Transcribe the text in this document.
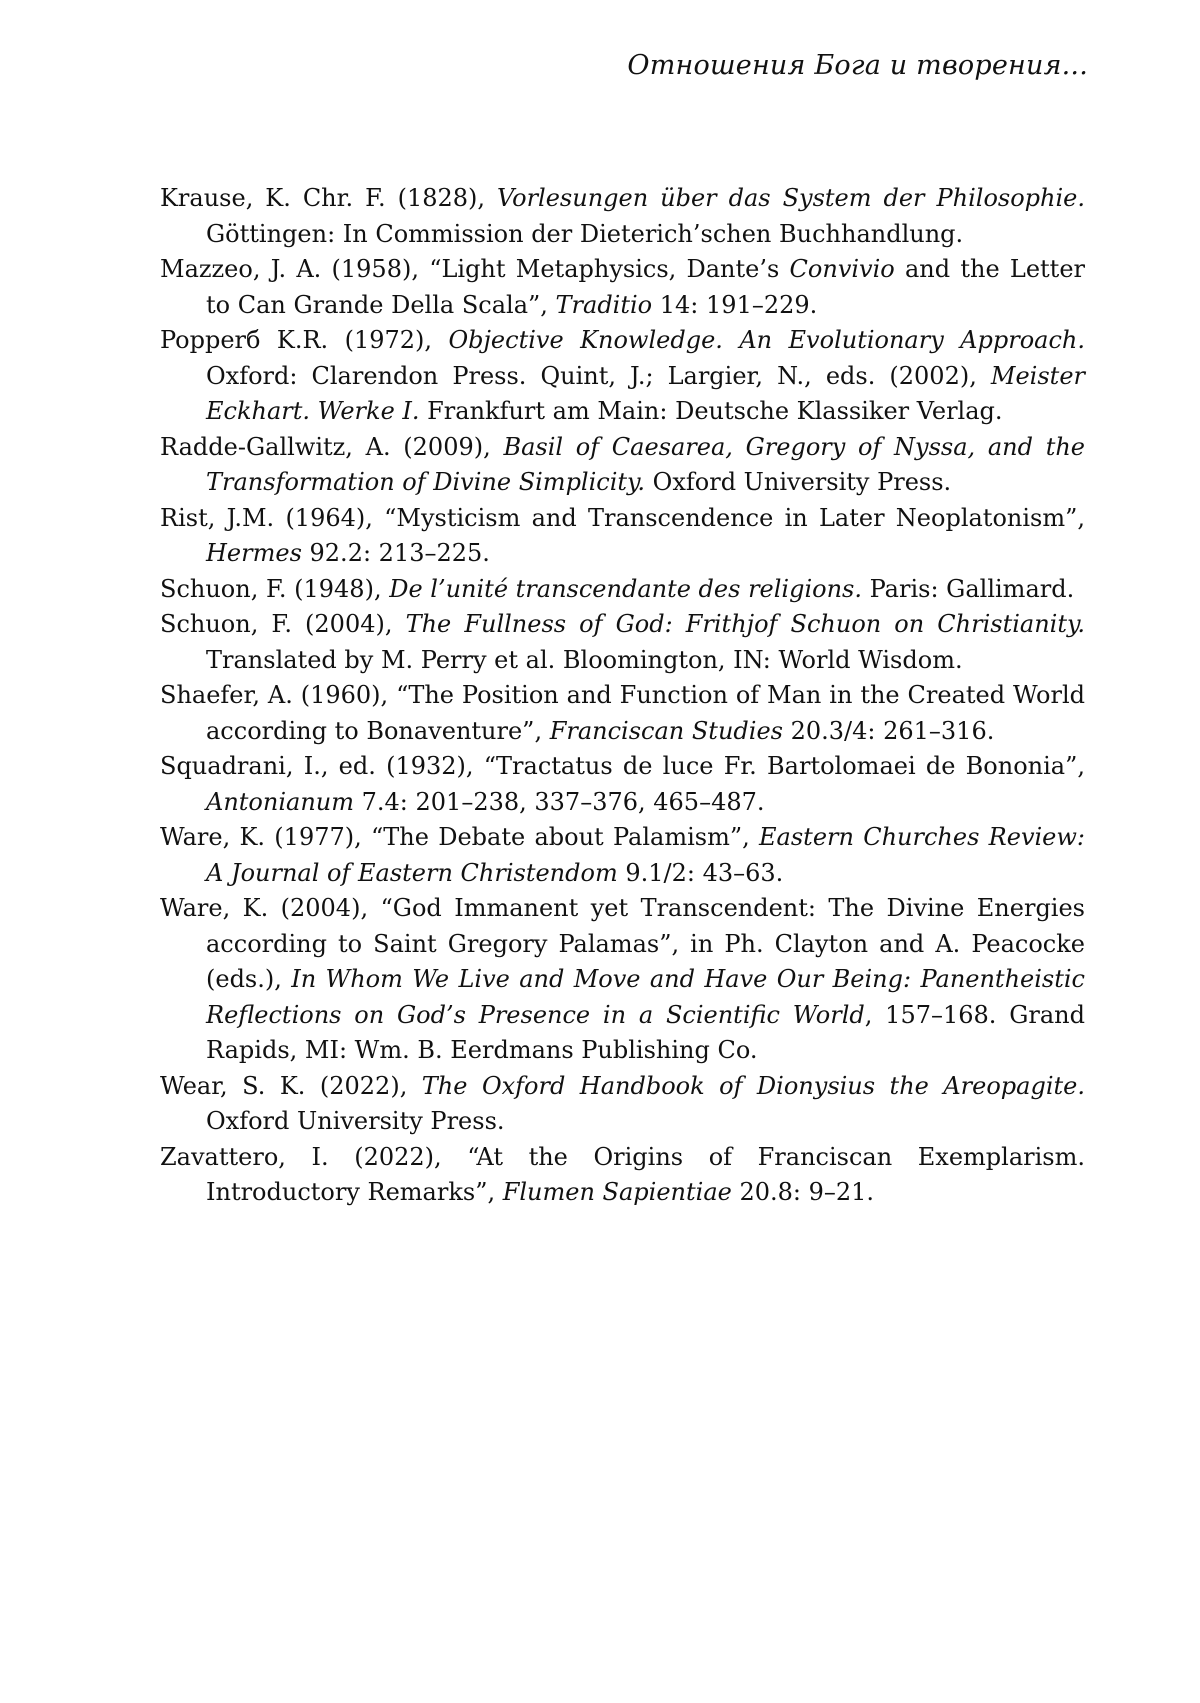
Отношения Бога и творения...

Krause, K. Chr. F. (1828), Vorlesungen über das System der Philosophie. Göttingen: In Commission der Dieterich’schen Buchhandlung.

Mazzeo, J. A. (1958), “Light Metaphysics, Dante’s Convivio and the Letter to Can Grande Della Scala”, Traditio 14: 191–229.

Popperб K.R. (1972), Objective Knowledge. An Evolutionary Approach. Oxford: Clarendon Press. Quint, J.; Largier, N., eds. (2002), Meister Eckhart. Werke I. Frankfurt am Main: Deutsche Klassiker Verlag.

Radde-Gallwitz, A. (2009), Basil of Caesarea, Gregory of Nyssa, and the Transformation of Divine Simplicity. Oxford University Press.

Rist, J.M. (1964), “Mysticism and Transcendence in Later Neoplatonism”, Hermes 92.2: 213–225.

Schuon, F. (1948), De l’unité transcendante des religions. Paris: Gallimard.

Schuon, F. (2004), The Fullness of God: Frithjof Schuon on Christianity. Translated by M. Perry et al. Bloomington, IN: World Wisdom.

Shaefer, A. (1960), “The Position and Function of Man in the Created World according to Bonaventure”, Franciscan Studies 20.3/4: 261–316.

Squadrani, I., ed. (1932), “Tractatus de luce Fr. Bartolomaei de Bononia”, Antonianum 7.4: 201–238, 337–376, 465–487.

Ware, K. (1977), “The Debate about Palamism”, Eastern Churches Review: A Journal of Eastern Christendom 9.1/2: 43–63.

Ware, K. (2004), “God Immanent yet Transcendent: The Divine Energies according to Saint Gregory Palamas”, in Ph. Clayton and A. Peacocke (eds.), In Whom We Live and Move and Have Our Being: Panentheistic Reflections on God’s Presence in a Scientific World, 157–168. Grand Rapids, MI: Wm. B. Eerdmans Publishing Co.

Wear, S. K. (2022), The Oxford Handbook of Dionysius the Areopagite. Oxford University Press.

Zavattero, I. (2022), “At the Origins of Franciscan Exemplarism. Introductory Remarks”, Flumen Sapientiae 20.8: 9–21.
